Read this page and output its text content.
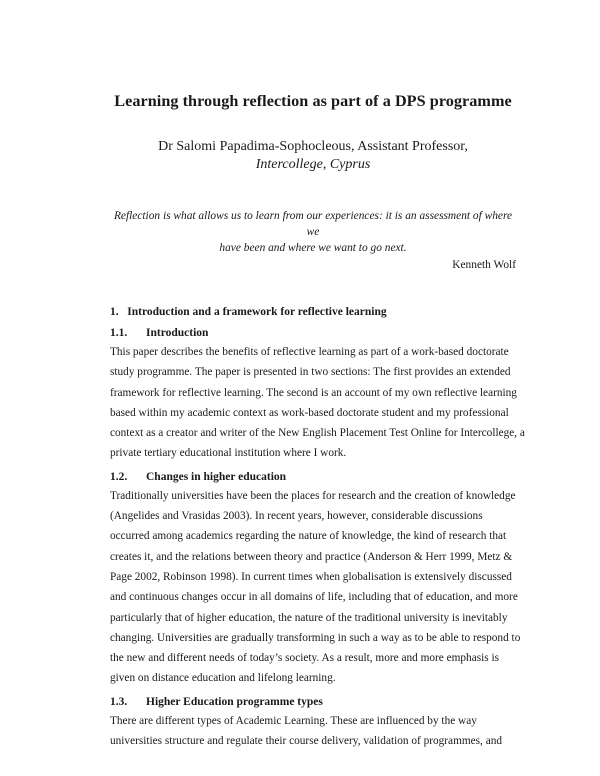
Learning through reflection as part of a DPS programme
Dr Salomi Papadima-Sophocleous, Assistant Professor,
Intercollege, Cyprus
Reflection is what allows us to learn from our experiences: it is an assessment of where we
have been and where we want to go next.
Kenneth Wolf
1.   Introduction and a framework for reflective learning
1.1. Introduction
This paper describes the benefits of reflective learning as part of a work-based doctorate
study programme. The paper is presented in two sections: The first provides an extended
framework for reflective learning. The second is an account of my own reflective learning
based within my academic context as work-based doctorate student and my professional
context as a creator and writer of the New English Placement Test Online for Intercollege, a
private tertiary educational institution where I work.
1.2. Changes in higher education
Traditionally universities have been the places for research and the creation of knowledge
(Angelides and Vrasidas 2003). In recent years, however, considerable discussions
occurred among academics regarding the nature of knowledge, the kind of research that
creates it, and the relations between theory and practice (Anderson & Herr 1999, Metz &
Page 2002, Robinson 1998). In current times when globalisation is extensively discussed
and continuous changes occur in all domains of life, including that of education, and more
particularly that of higher education, the nature of the traditional university is inevitably
changing. Universities are gradually transforming in such a way as to be able to respond to
the new and different needs of today’s society. As a result, more and more emphasis is
given on distance education and lifelong learning.
1.3. Higher Education programme types
There are different types of Academic Learning. These are influenced by the way
universities structure and regulate their course delivery, validation of programmes, and
